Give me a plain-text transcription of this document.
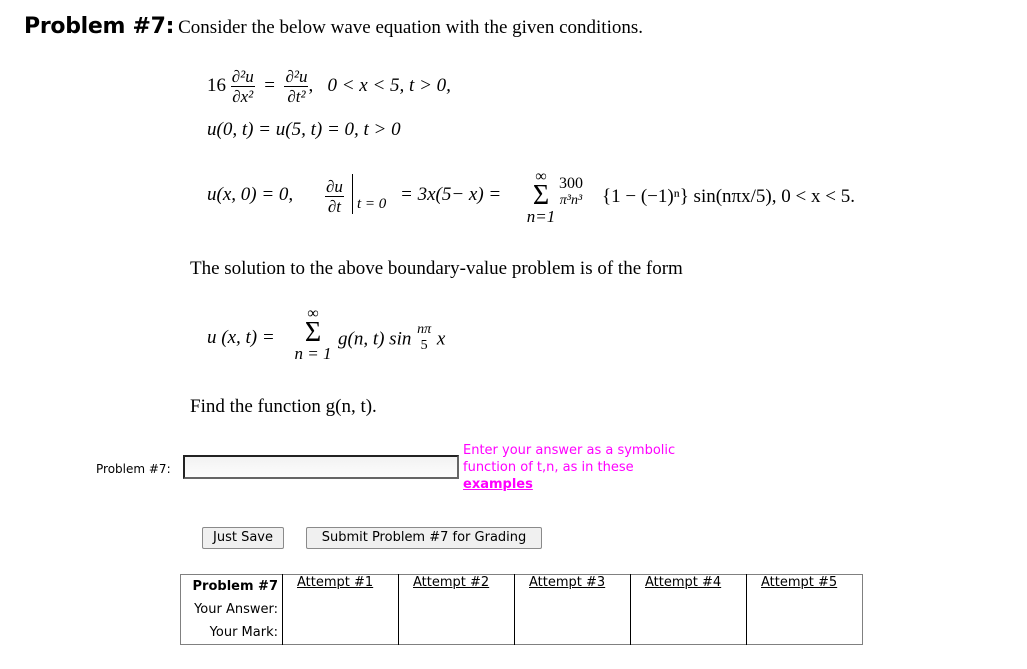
Problem #7: Consider the below wave equation with the given conditions.
$16 \frac{\text{∂²u}}{\text{∂x²}} = \frac{\text{∂²u}}{\text{∂t²}}$ ,   0 < x < 5, t > 0,
u(0, t) = u(5, t) = 0, t > 0
u(x, 0) = 0, $\frac{\partial u}{\partial t}$ t = 0 = 3x(5− x) =
∞
Σ
n=1
300
π³n³ {1 − (−1)ⁿ} sin(nπx/5), 0 < x < 5.
The solution to the above boundary-value problem is of the form
u (x, t) =
∞
Σ
n = 1
g(n, t) sin nπ
5 x
Find the function g(n, t).
Problem #7:
Enter your answer as a symbolic
function of t,n, as in these
examples
Just Save	Submit Problem #7 for Grading
Problem #7	Attempt #1	Attempt #2	Attempt #3	Attempt #4	Attempt #5
Your Answer:
Your Mark:
